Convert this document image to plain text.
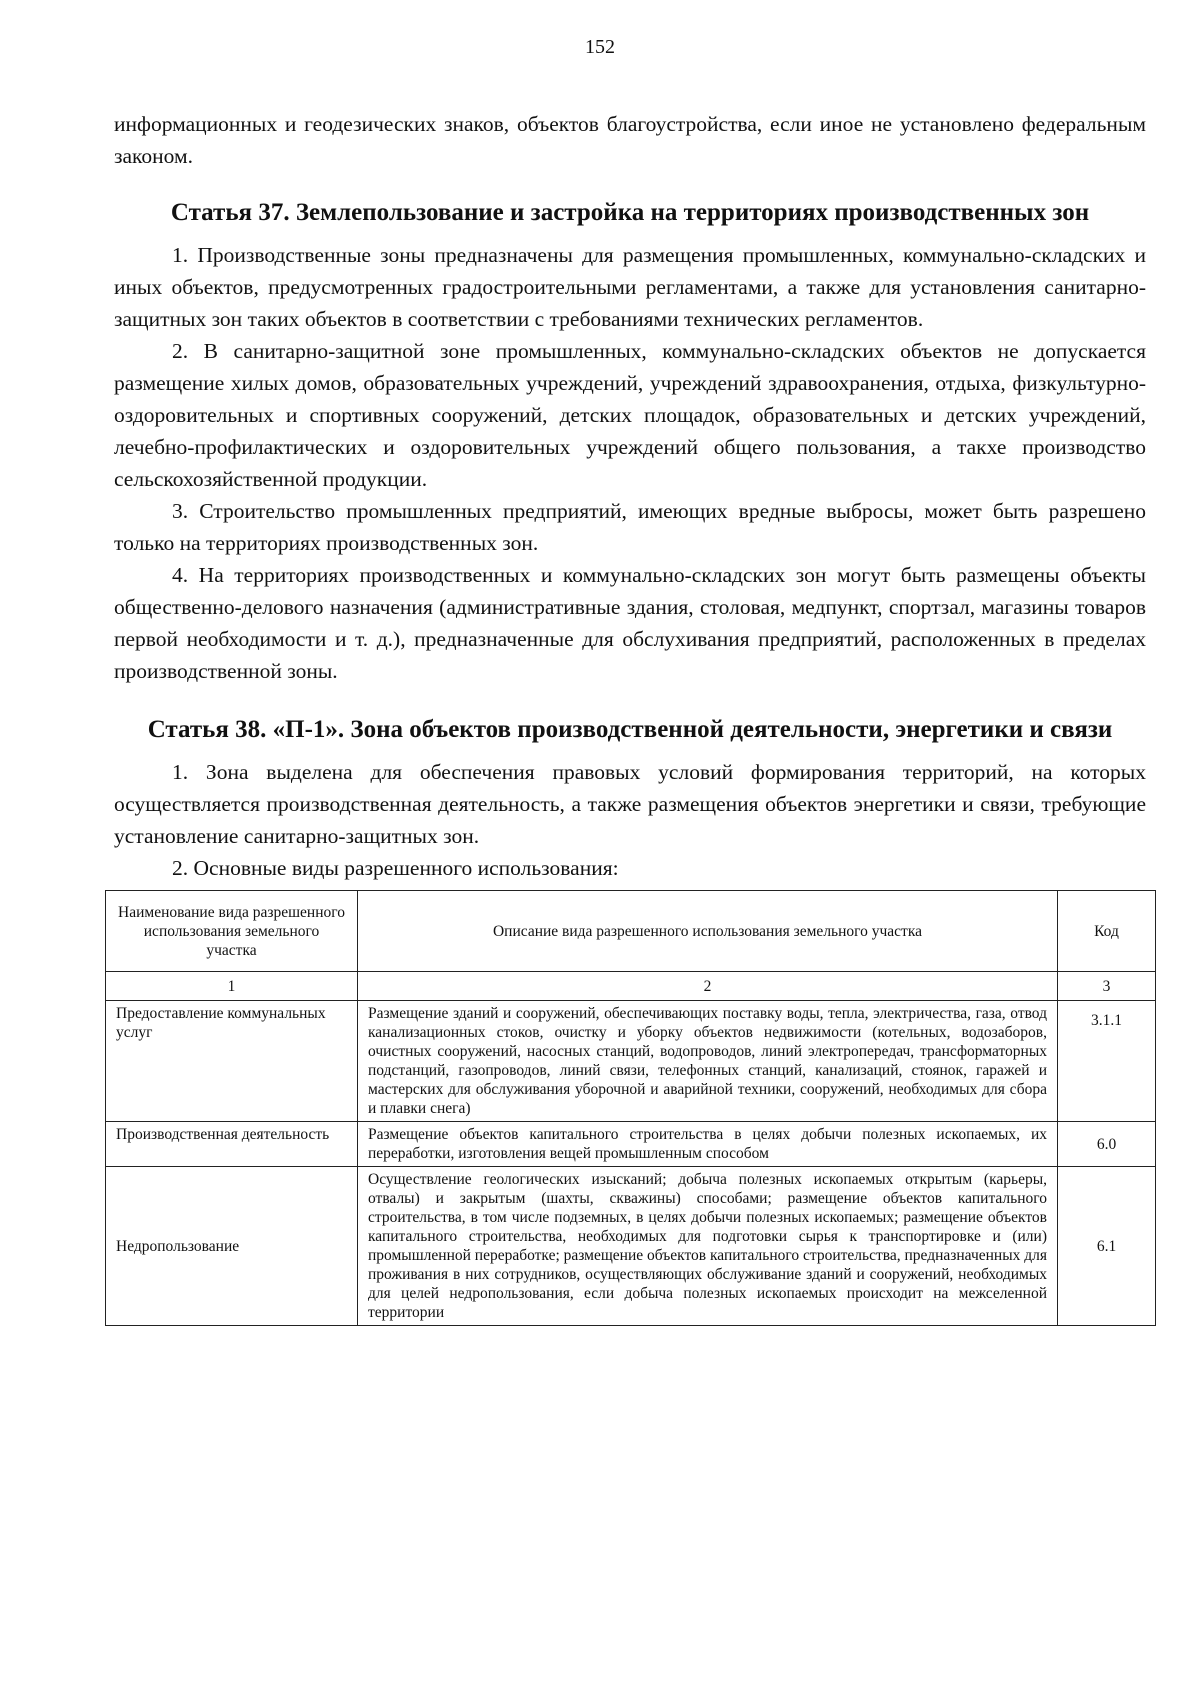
152

информационных и геодезических знаков, объектов благоустройства, если иное не установлено федеральным законом.

Статья 37. Землепользование и застройка на территориях производственных зон

1. Производственные зоны предназначены для размещения промышленных, коммунально-складских и иных объектов, предусмотренных градостроительными регламентами, а также для установления санитарно-защитных зон таких объектов в соответствии с требованиями технических регламентов.

2. В санитарно-защитной зоне промышленных, коммунально-складских объектов не допускается размещение хилых домов, образовательных учреждений, учреждений здравоохранения, отдыха, физкультурно-оздоровительных и спортивных сооружений, детских площадок, образовательных и детских учреждений, лечебно-профилактических и оздоровительных учреждений общего пользования, а такхе производство сельскохозяйственной продукции.

3. Строительство промышленных предприятий, имеющих вредные выбросы, может быть разрешено только на территориях производственных зон.

4. На территориях производственных и коммунально-складских зон могут быть размещены объекты общественно-делового назначения (административные здания, столовая, медпункт, спортзал, магазины товаров первой необходимости и т. д.), предназначенные для обслухивания предприятий, расположенных в пределах производственной зоны.

Статья 38. «П-1». Зона объектов производственной деятельности, энергетики и связи

1. Зона выделена для обеспечения правовых условий формирования территорий, на которых осуществляется производственная деятельность, а также размещения объектов энергетики и связи, требующие установление санитарно-защитных зон.

2. Основные виды разрешенного использования:

Наименование вида разрешенного использования земельного участка	Описание вида разрешенного использования земельного участка	Код
1	2	3
Предоставление коммунальных услуг	Размещение зданий и сооружений, обеспечивающих поставку воды, тепла, электричества, газа, отвод канализационных стоков, очистку и уборку объектов недвижимости (котельных, водозаборов, очистных сооружений, насосных станций, водопроводов, линий электропередач, трансформаторных подстанций, газопроводов, линий связи, телефонных станций, канализаций, стоянок, гаражей и мастерских для обслуживания уборочной и аварийной техники, сооружений, необходимых для сбора и плавки снега)	3.1.1
Производственная деятельность	Размещение объектов капитального строительства в целях добычи полезных ископаемых, их переработки, изготовления вещей промышленным способом	6.0
Недропользование	Осуществление геологических изысканий; добыча полезных ископаемых открытым (карьеры, отвалы) и закрытым (шахты, скважины) способами; размещение объектов капитального строительства, в том числе подземных, в целях добычи полезных ископаемых; размещение объектов капитального строительства, необходимых для подготовки сырья к транспортировке и (или) промышленной переработке; размещение объектов капитального строительства, предназначенных для проживания в них сотрудников, осуществляющих обслуживание зданий и сооружений, необходимых для целей недропользования, если добыча полезных ископаемых происходит на межселенной территории	6.1
